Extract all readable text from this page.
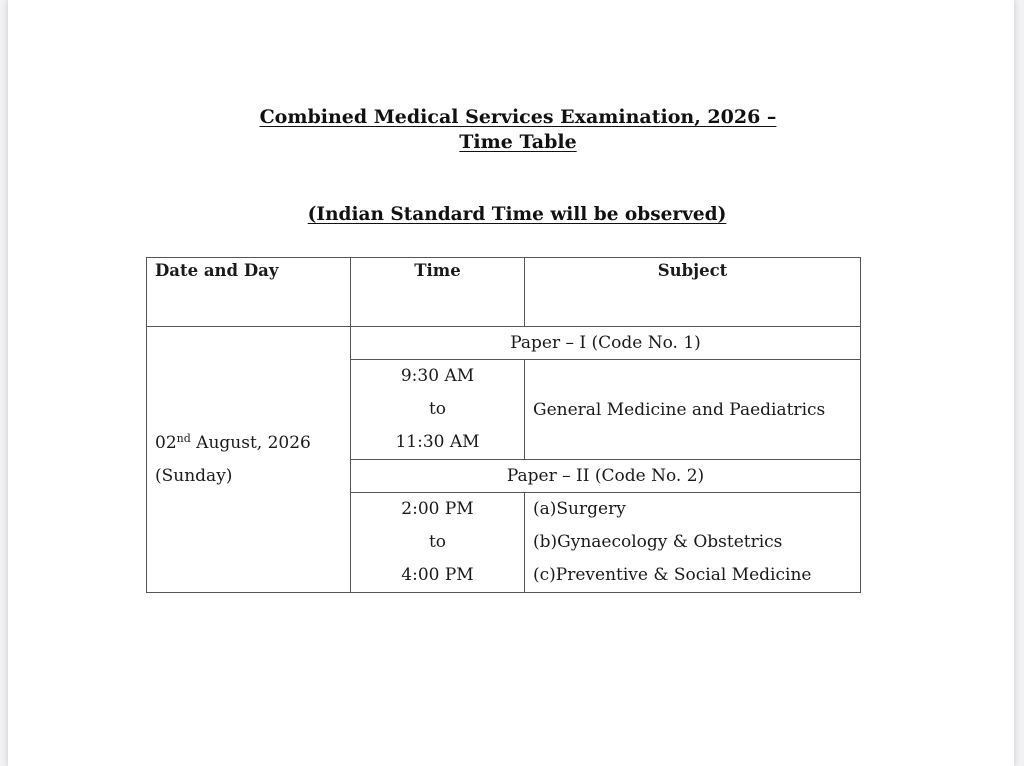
Combined Medical Services Examination, 2026 –
Time Table
(Indian Standard Time will be observed)
Date and Day	Time	Subject

02nd August, 2026
(Sunday)	Paper – I (Code No. 1)	

	9:30 AM
to
11:30 AM	General Medicine and Paediatrics
	Paper – II (Code No. 2)	

	2:00 PM
to
4:00 PM	(a)Surgery
(b)Gynaecology & Obstetrics
(c)Preventive & Social Medicine
